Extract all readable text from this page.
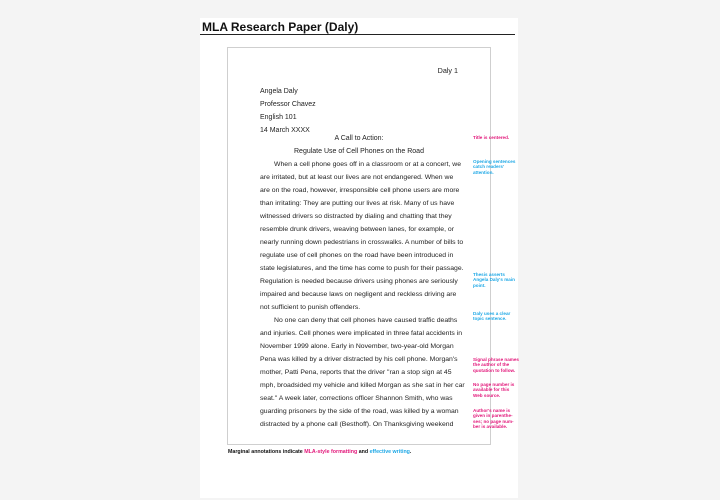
MLA Research Paper (Daly)
Daly 1
Angela Daly
Professor Chavez
English 101
14 March XXXX
A Call to Action:
Regulate Use of Cell Phones on the Road
When a cell phone goes off in a classroom or at a concert, we
are irritated, but at least our lives are not endangered. When we
are on the road, however, irresponsible cell phone users are more
than irritating: They are putting our lives at risk. Many of us have
witnessed drivers so distracted by dialing and chatting that they
resemble drunk drivers, weaving between lanes, for example, or
nearly running down pedestrians in crosswalks. A number of bills to
regulate use of cell phones on the road have been introduced in
state legislatures, and the time has come to push for their passage.
Regulation is needed because drivers using phones are seriously
impaired and because laws on negligent and reckless driving are
not sufficient to punish offenders.
No one can deny that cell phones have caused traffic deaths
and injuries. Cell phones were implicated in three fatal accidents in
November 1999 alone. Early in November, two-year-old Morgan
Pena was killed by a driver distracted by his cell phone. Morgan's
mother, Patti Pena, reports that the driver "ran a stop sign at 45
mph, broadsided my vehicle and killed Morgan as she sat in her car
seat." A week later, corrections officer Shannon Smith, who was
guarding prisoners by the side of the road, was killed by a woman
distracted by a phone call (Besthoff). On Thanksgiving weekend
Title is centered.
Opening sentences
catch readers'
attention.
Thesis asserts
Angela Daly's main
point.
Daly uses a clear
topic sentence.
Signal phrase names
the author of the
quotation to follow.
No page number is
available for this
Web source.
Author's name is
given in parenthe-
ses; no page num-
ber is available.
Marginal annotations indicate MLA-style formatting and effective writing.
